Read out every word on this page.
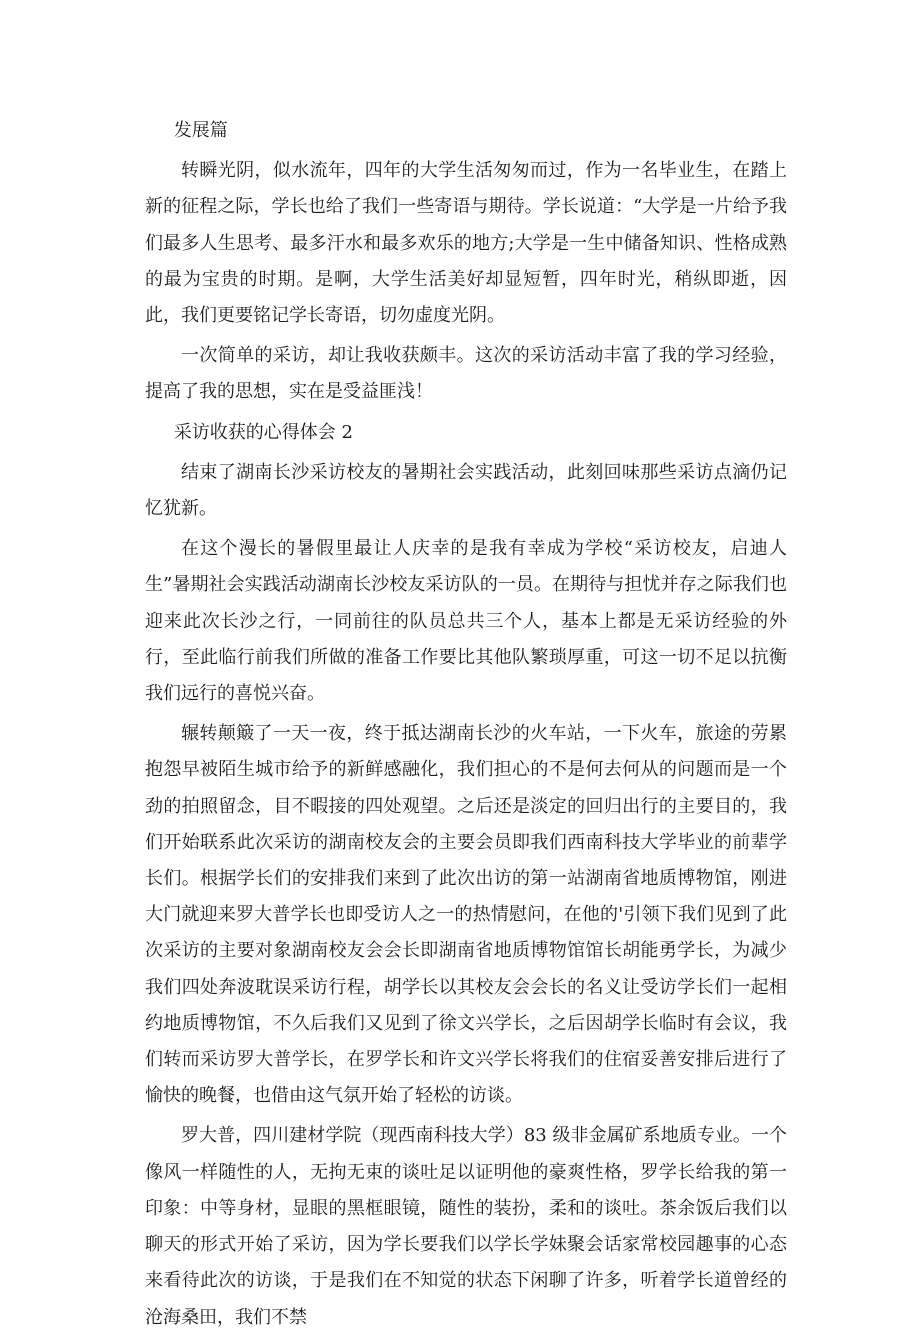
发展篇

转瞬光阴，似水流年，四年的大学生活匆匆而过，作为一名毕业生，在踏上新的征程之际，学长也给了我们一些寄语与期待。学长说道：“大学是一片给予我们最多人生思考、最多汗水和最多欢乐的地方;大学是一生中储备知识、性格成熟的最为宝贵的时期。是啊，大学生活美好却显短暂，四年时光，稍纵即逝，因此，我们更要铭记学长寄语，切勿虚度光阴。

一次简单的采访，却让我收获颇丰。这次的采访活动丰富了我的学习经验，提高了我的思想，实在是受益匪浅！

采访收获的心得体会 2

结束了湖南长沙采访校友的暑期社会实践活动，此刻回味那些采访点滴仍记忆犹新。

在这个漫长的暑假里最让人庆幸的是我有幸成为学校“采访校友，启迪人生”暑期社会实践活动湖南长沙校友采访队的一员。在期待与担忧并存之际我们也迎来此次长沙之行，一同前往的队员总共三个人，基本上都是无采访经验的外行，至此临行前我们所做的准备工作要比其他队繁琐厚重，可这一切不足以抗衡我们远行的喜悦兴奋。

辗转颠簸了一天一夜，终于抵达湖南长沙的火车站，一下火车，旅途的劳累抱怨早被陌生城市给予的新鲜感融化，我们担心的不是何去何从的问题而是一个劲的拍照留念，目不暇接的四处观望。之后还是淡定的回归出行的主要目的，我们开始联系此次采访的湖南校友会的主要会员即我们西南科技大学毕业的前辈学长们。根据学长们的安排我们来到了此次出访的第一站湖南省地质博物馆，刚进大门就迎来罗大普学长也即受访人之一的热情慰问，在他的'引领下我们见到了此次采访的主要对象湖南校友会会长即湖南省地质博物馆馆长胡能勇学长，为减少我们四处奔波耽误采访行程，胡学长以其校友会会长的名义让受访学长们一起相约地质博物馆，不久后我们又见到了徐文兴学长，之后因胡学长临时有会议，我们转而采访罗大普学长，在罗学长和许文兴学长将我们的住宿妥善安排后进行了愉快的晚餐，也借由这气氛开始了轻松的访谈。

罗大普，四川建材学院（现西南科技大学）83 级非金属矿系地质专业。一个像风一样随性的人，无拘无束的谈吐足以证明他的豪爽性格，罗学长给我的第一印象：中等身材，显眼的黑框眼镜，随性的装扮，柔和的谈吐。茶余饭后我们以聊天的形式开始了采访，因为学长要我们以学长学妹聚会话家常校园趣事的心态来看待此次的访谈，于是我们在不知觉的状态下闲聊了许多，听着学长道曾经的沧海桑田，我们不禁
